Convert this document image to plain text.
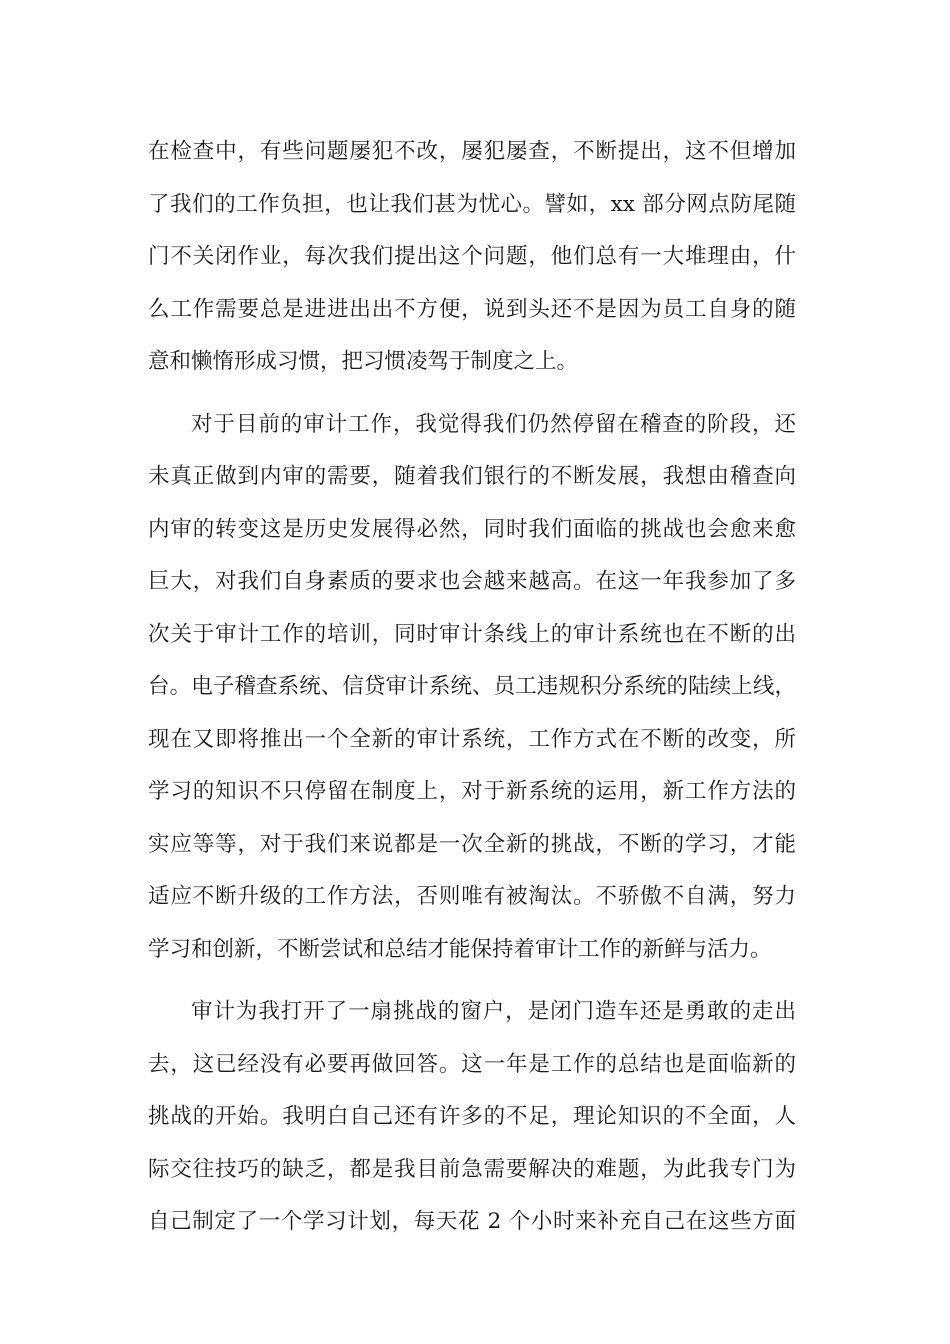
在检查中，有些问题屡犯不改，屡犯屡查，不断提出，这不但增加
了我们的工作负担，也让我们甚为忧心。譬如，xx 部分网点防尾随
门不关闭作业，每次我们提出这个问题，他们总有一大堆理由，什
么工作需要总是进进出出不方便，说到头还不是因为员工自身的随
意和懒惰形成习惯，把习惯凌驾于制度之上。
对于目前的审计工作，我觉得我们仍然停留在稽查的阶段，还
未真正做到内审的需要，随着我们银行的不断发展，我想由稽查向
内审的转变这是历史发展得必然，同时我们面临的挑战也会愈来愈
巨大，对我们自身素质的要求也会越来越高。在这一年我参加了多
次关于审计工作的培训，同时审计条线上的审计系统也在不断的出
台。电子稽查系统、信贷审计系统、员工违规积分系统的陆续上线，
现在又即将推出一个全新的审计系统，工作方式在不断的改变，所
学习的知识不只停留在制度上，对于新系统的运用，新工作方法的
实应等等，对于我们来说都是一次全新的挑战，不断的学习，才能
适应不断升级的工作方法，否则唯有被淘汰。不骄傲不自满，努力
学习和创新，不断尝试和总结才能保持着审计工作的新鲜与活力。
审计为我打开了一扇挑战的窗户，是闭门造车还是勇敢的走出
去，这已经没有必要再做回答。这一年是工作的总结也是面临新的
挑战的开始。我明白自己还有许多的不足，理论知识的不全面，人
际交往技巧的缺乏，都是我目前急需要解决的难题，为此我专门为
自己制定了一个学习计划，每天花 2 个小时来补充自己在这些方面
